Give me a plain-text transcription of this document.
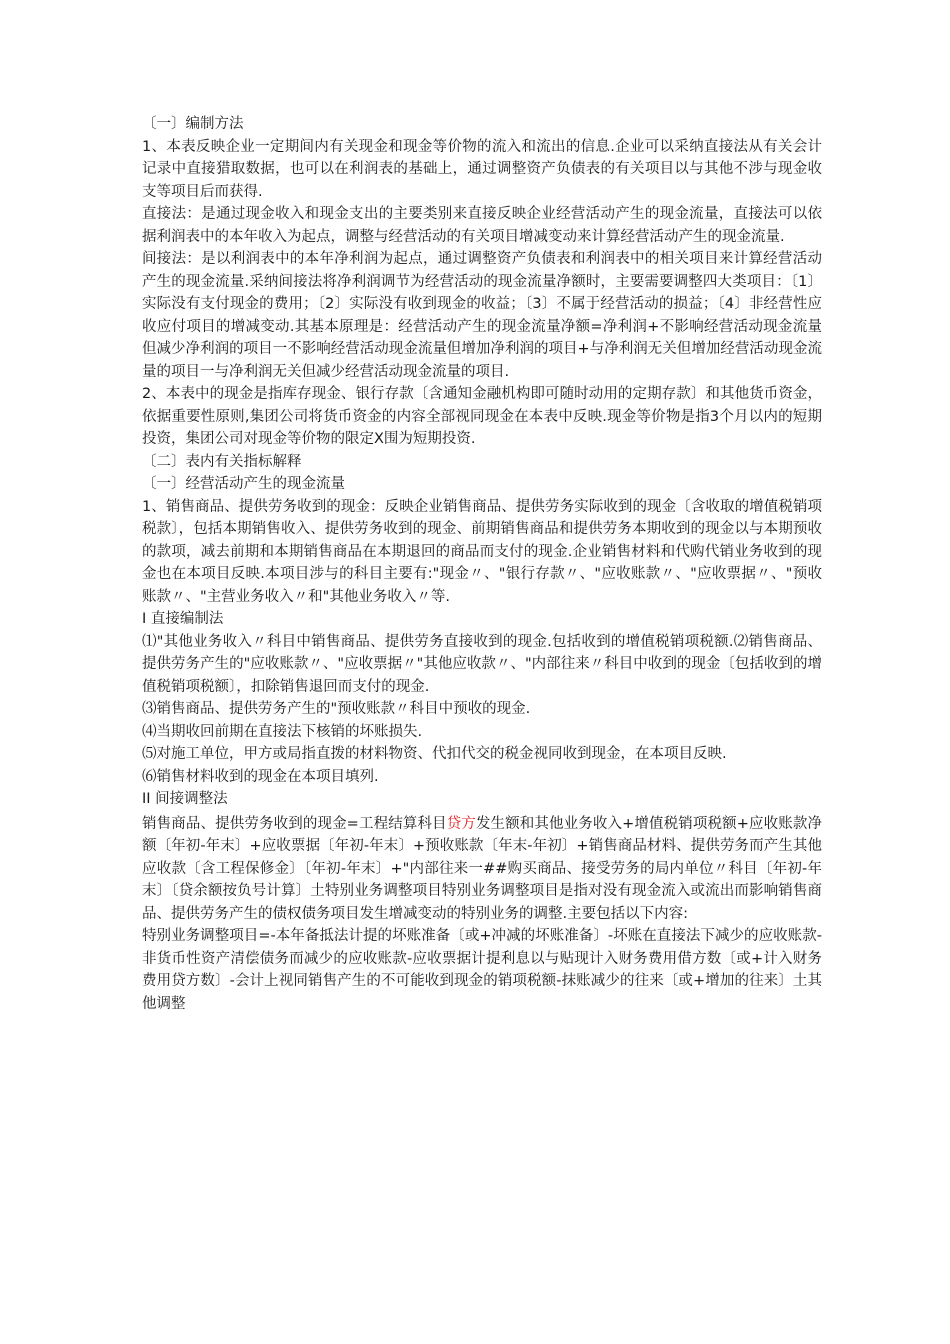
〔一〕编制方法

1、本表反映企业一定期间内有关现金和现金等价物的流入和流出的信息.企业可以采纳直接法从有关会计记录中直接猎取数据，也可以在利润表的基础上，通过调整资产负债表的有关项目以与其他不涉与现金收支等项目后而获得.

直接法：是通过现金收入和现金支出的主要类别来直接反映企业经营活动产生的现金流量，直接法可以依据利润表中的本年收入为起点，调整与经营活动的有关项目增减变动来计算经营活动产生的现金流量.

间接法：是以利润表中的本年净利润为起点，通过调整资产负债表和利润表中的相关项目来计算经营活动产生的现金流量.采纳间接法将净利润调节为经营活动的现金流量净额时，主要需要调整四大类项目：〔1〕实际没有支付现金的费用；〔2〕实际没有收到现金的收益；〔3〕不属于经营活动的损益；〔4〕非经营性应收应付项目的增减变动.其基本原理是：经营活动产生的现金流量净额=净利润+不影响经营活动现金流量但减少净利润的项目一不影响经营活动现金流量但增加净利润的项目+与净利润无关但增加经营活动现金流量的项目一与净利润无关但减少经营活动现金流量的项目.

2、本表中的现金是指库存现金、银行存款〔含通知金融机构即可随时动用的定期存款〕和其他货币资金，依据重要性原则,集团公司将货币资金的内容全部视同现金在本表中反映.现金等价物是指3个月以内的短期投资，集团公司对现金等价物的限定X围为短期投资.

〔二〕表内有关指标解释

〔一〕经营活动产生的现金流量

1、销售商品、提供劳务收到的现金：反映企业销售商品、提供劳务实际收到的现金〔含收取的增值税销项税款〕，包括本期销售收入、提供劳务收到的现金、前期销售商品和提供劳务本期收到的现金以与本期预收的款项，减去前期和本期销售商品在本期退回的商品而支付的现金.企业销售材料和代购代销业务收到的现金也在本项目反映.本项目涉与的科目主要有:"现金〃、"银行存款〃、"应收账款〃、"应收票据〃、"预收账款〃、"主营业务收入〃和"其他业务收入〃等.

I 直接编制法

⑴"其他业务收入〃科目中销售商品、提供劳务直接收到的现金.包括收到的增值税销项税额.⑵销售商品、提供劳务产生的"应收账款〃、"应收票据〃"其他应收款〃、"内部往来〃科目中收到的现金〔包括收到的增值税销项税额〕，扣除销售退回而支付的现金.

⑶销售商品、提供劳务产生的"预收账款〃科目中预收的现金.

⑷当期收回前期在直接法下核销的坏账损失.

⑸对施工单位，甲方或局指直拨的材料物资、代扣代交的税金视同收到现金，在本项目反映.

⑹销售材料收到的现金在本项目填列.

II 间接调整法

销售商品、提供劳务收到的现金=工程结算科目贷方发生额和其他业务收入+增值税销项税额+应收账款净额〔年初-年末〕+应收票据〔年初-年末〕+预收账款〔年末-年初〕+销售商品材料、提供劳务而产生其他应收款〔含工程保修金〕〔年初-年末〕+"内部往来一##购买商品、接受劳务的局内单位〃科目〔年初-年末〕〔贷余额按负号计算〕土特别业务调整项目特别业务调整项目是指对没有现金流入或流出而影响销售商品、提供劳务产生的债权债务项目发生增减变动的特别业务的调整.主要包括以下内容:

特别业务调整项目=-本年备抵法计提的坏账准备〔或+冲减的坏账准备〕-坏账在直接法下减少的应收账款-非货币性资产清偿债务而减少的应收账款-应收票据计提利息以与贴现计入财务费用借方数〔或+计入财务费用贷方数〕-会计上视同销售产生的不可能收到现金的销项税额-抹账减少的往来〔或+增加的往来〕土其他调整
